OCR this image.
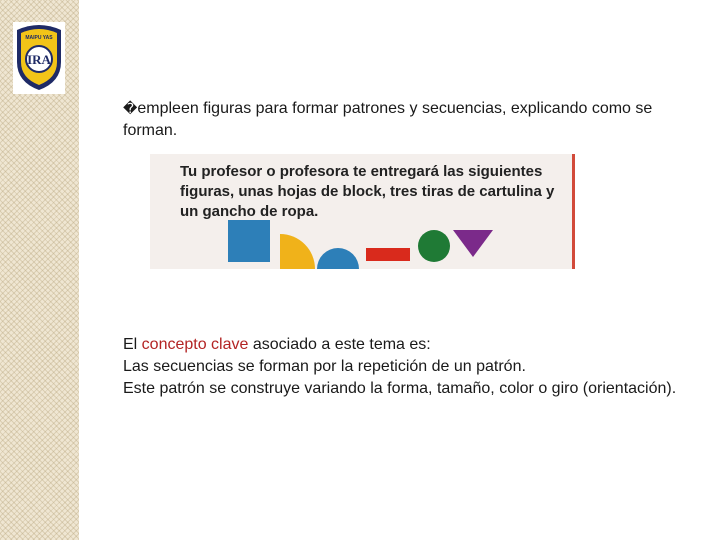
MAIPU YAS
IRA
�empleen figuras para formar patrones y secuencias, explicando como se forman.
Tu profesor o profesora te entregará las siguientes figuras, unas hojas de block, tres tiras de cartulina y un gancho de ropa.

El concepto clave asociado a este tema es:

Las secuencias se forman por la repetición de un patrón.

Este patrón se construye variando la forma, tamaño, color o giro (orientación).
